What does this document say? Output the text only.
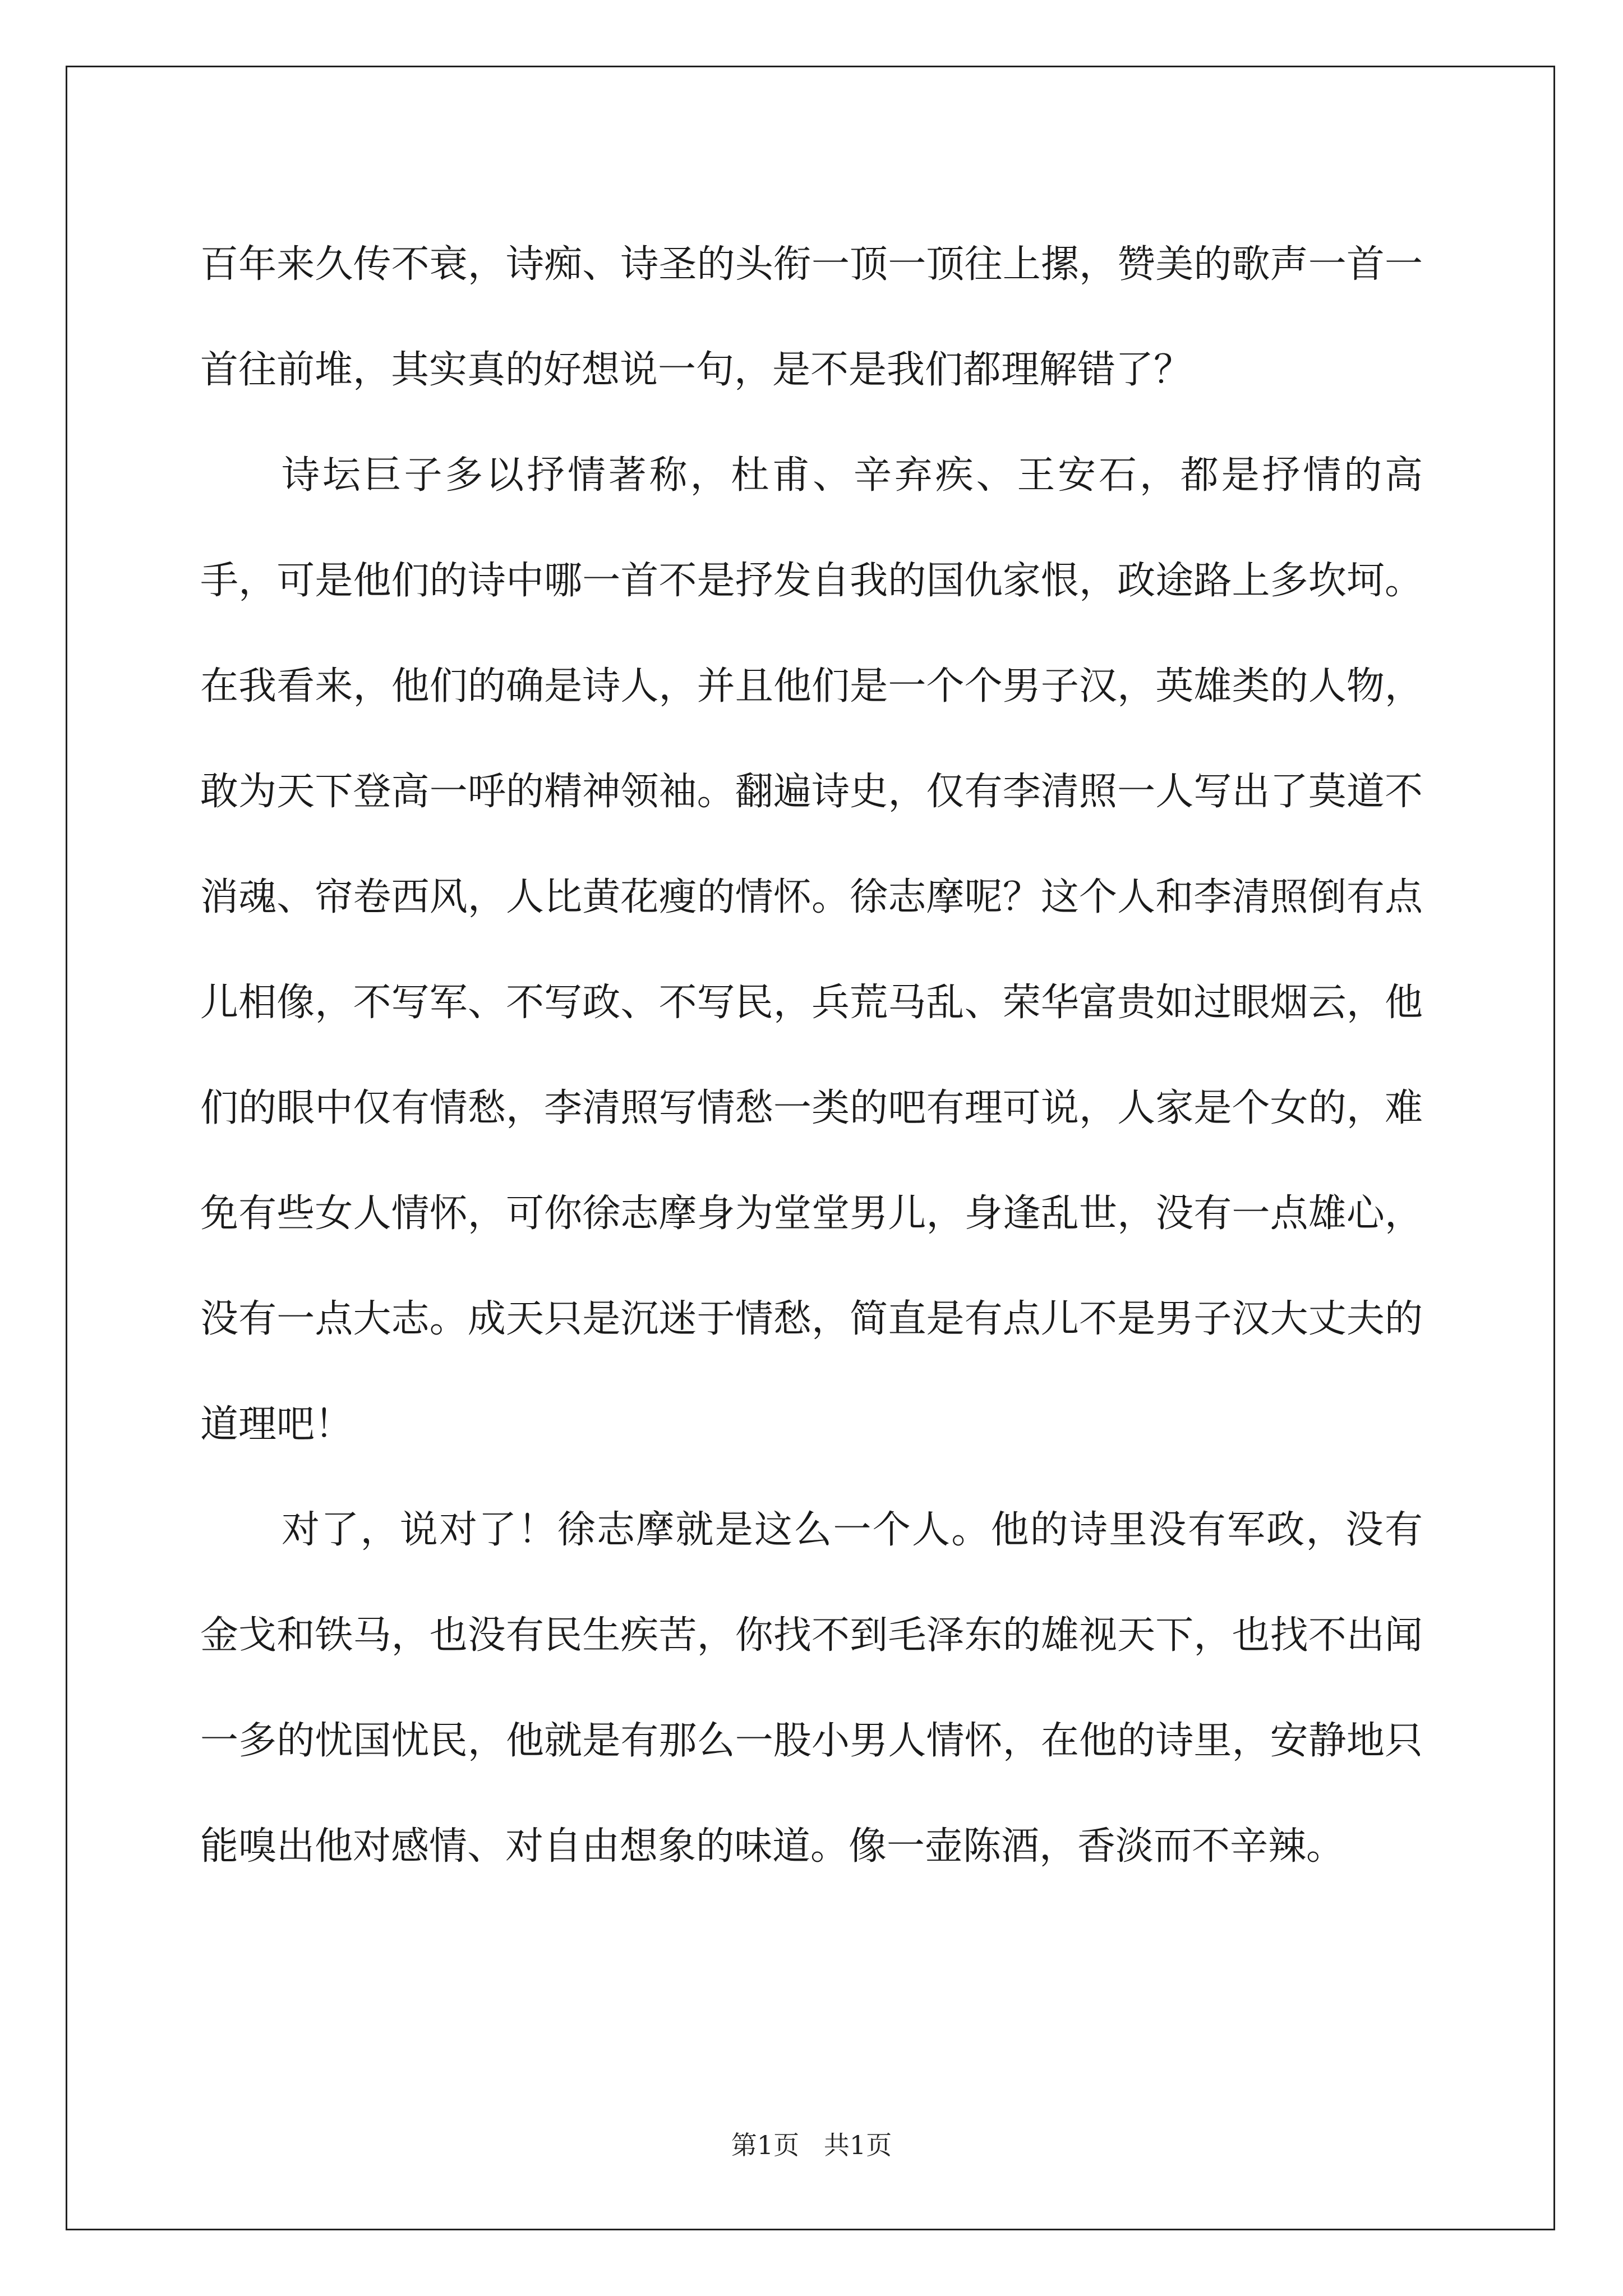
百年来久传不衰，诗痴、诗圣的头衔一顶一顶往上摞，赞美的歌声一首一首往前堆，其实真的好想说一句，是不是我们都理解错了？

诗坛巨子多以抒情著称，杜甫、辛弃疾、王安石，都是抒情的高手，可是他们的诗中哪一首不是抒发自我的国仇家恨，政途路上多坎坷。在我看来，他们的确是诗人，并且他们是一个个男子汉，英雄类的人物，敢为天下登高一呼的精神领袖。翻遍诗史，仅有李清照一人写出了莫道不消魂、帘卷西风，人比黄花瘦的情怀。徐志摩呢？这个人和李清照倒有点儿相像，不写军、不写政、不写民，兵荒马乱、荣华富贵如过眼烟云，他们的眼中仅有情愁，李清照写情愁一类的吧有理可说，人家是个女的，难免有些女人情怀，可你徐志摩身为堂堂男儿，身逢乱世，没有一点雄心，没有一点大志。成天只是沉迷于情愁，简直是有点儿不是男子汉大丈夫的道理吧！

对了，说对了！徐志摩就是这么一个人。他的诗里没有军政，没有金戈和铁马，也没有民生疾苦，你找不到毛泽东的雄视天下，也找不出闻一多的忧国忧民，他就是有那么一股小男人情怀，在他的诗里，安静地只能嗅出他对感情、对自由想象的味道。像一壶陈酒，香淡而不辛辣。

第1页   共1页
